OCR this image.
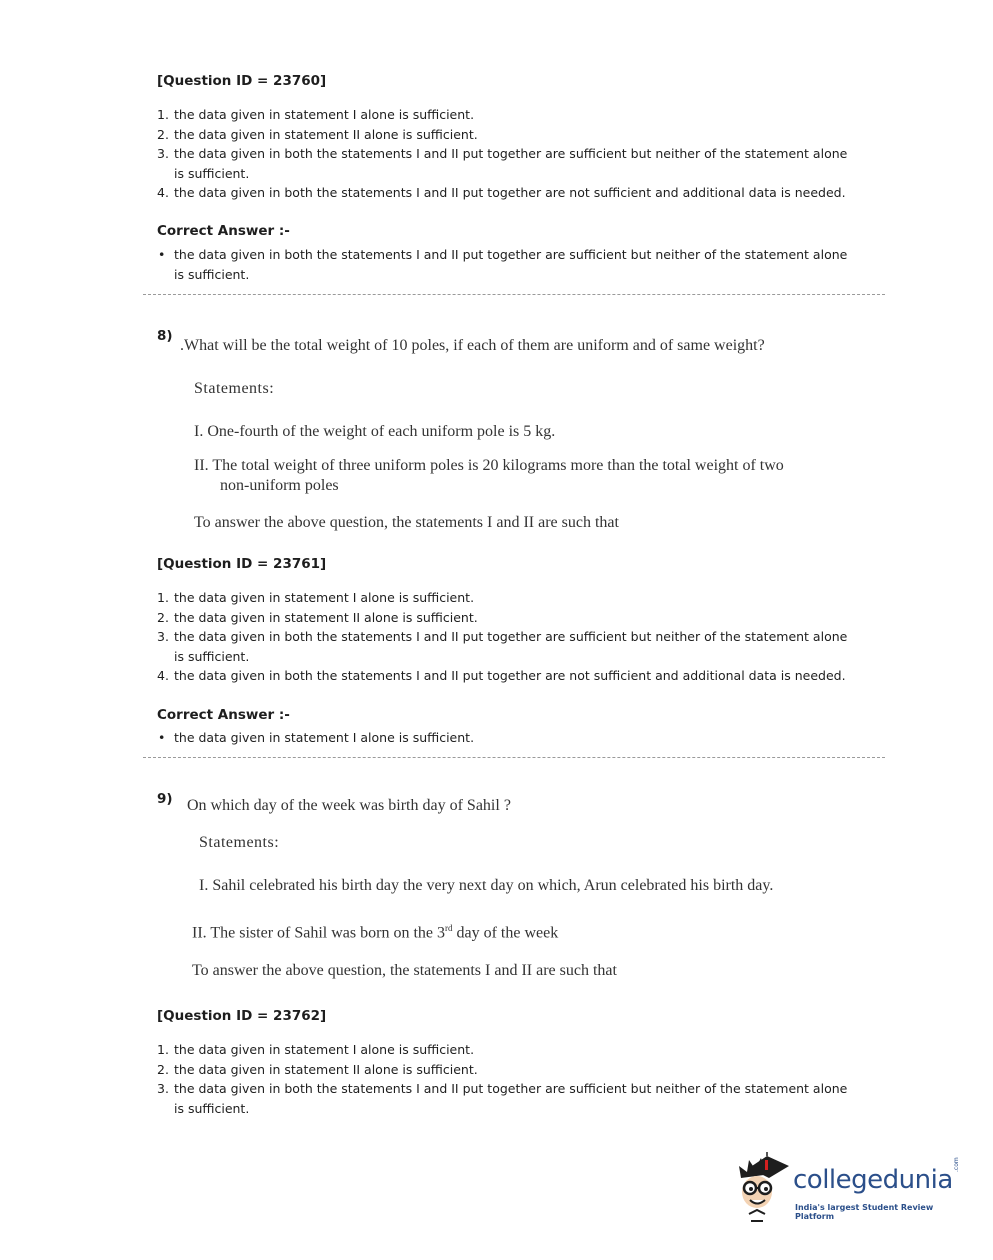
[Question ID = 23760]
1. the data given in statement I alone is sufficient.
2. the data given in statement II alone is sufficient.
3. the data given in both the statements I and II put together are sufficient but neither of the statement alone is sufficient.
4. the data given in both the statements I and II put together are not sufficient and additional data is needed.
Correct Answer :-
• the data given in both the statements I and II put together are sufficient but neither of the statement alone is sufficient.
8)
.What will be the total weight of 10 poles, if each of them are uniform and of same weight?
Statements:
I. One-fourth of the weight of each uniform pole is 5 kg.
II. The total weight of three uniform poles is 20 kilograms more than the total weight of two
non-uniform poles
To answer the above question, the statements I and II are such that
[Question ID = 23761]
1. the data given in statement I alone is sufficient.
2. the data given in statement II alone is sufficient.
3. the data given in both the statements I and II put together are sufficient but neither of the statement alone is sufficient.
4. the data given in both the statements I and II put together are not sufficient and additional data is needed.
Correct Answer :-
• the data given in statement I alone is sufficient.
9) On which day of the week was birth day of Sahil ?
Statements:
I. Sahil celebrated his birth day the very next day on which, Arun celebrated his birth day.
II. The sister of Sahil was born on the 3rd day of the week
To answer the above question, the statements I and II are such that
[Question ID = 23762]
1. the data given in statement I alone is sufficient.
2. the data given in statement II alone is sufficient.
3. the data given in both the statements I and II put together are sufficient but neither of the statement alone is sufficient.
collegedunia
.com
India's largest Student Review Platform
